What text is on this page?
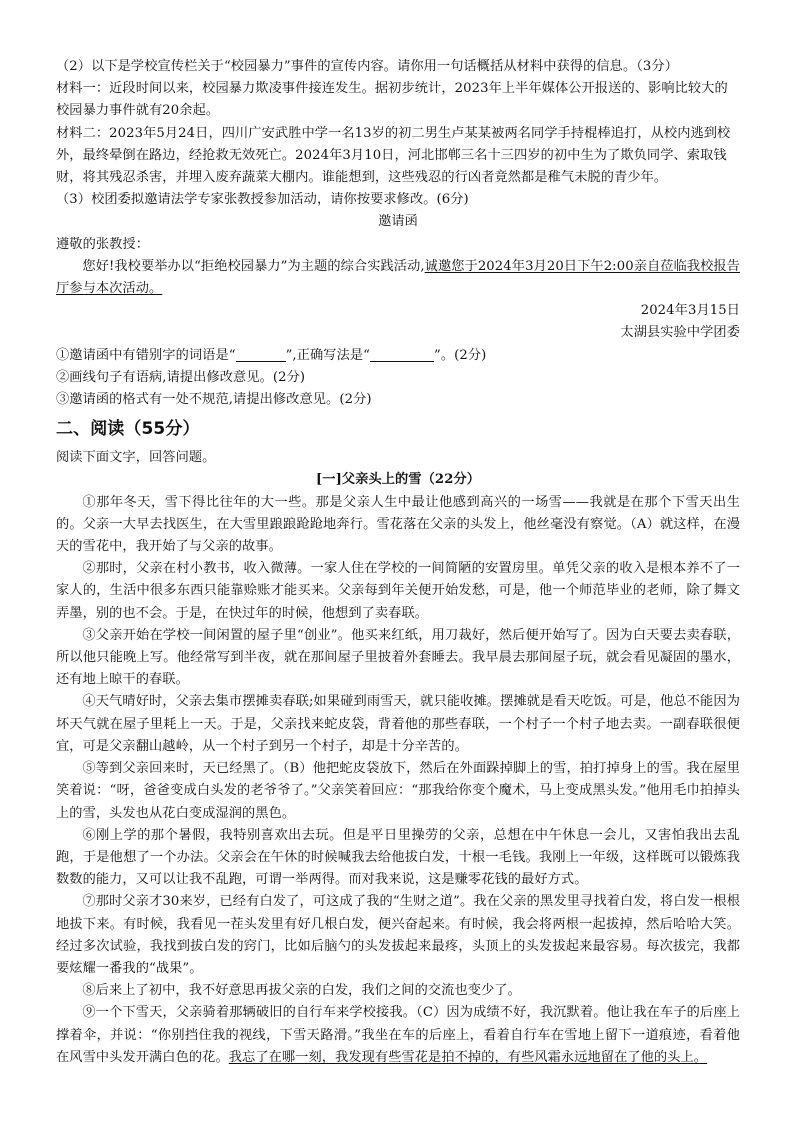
（2）以下是学校宣传栏关于“校园暴力”事件的宣传内容。请你用一句话概括从材料中获得的信息。（3分）

材料一：近段时间以来，校园暴力欺凌事件接连发生。据初步统计，2023年上半年媒体公开报送的、影响比较大的校园暴力事件就有20余起。

材料二：2023年5月24日，四川广安武胜中学一名13岁的初二男生卢某某被两名同学手持棍棒追打，从校内逃到校外，最终晕倒在路边，经抢救无效死亡。2024年3月10日，河北邯郸三名十三四岁的初中生为了欺负同学、索取钱财，将其残忍杀害，并埋入废弃蔬菜大棚内。谁能想到，这些残忍的行凶者竟然都是稚气未脱的青少年。

（3）校团委拟邀请法学专家张教授参加活动，请你按要求修改。(6分)

邀请函

遵敬的张教授：

您好!我校要举办以“拒绝校园暴力”为主题的综合实践活动,诚邀您于2024年3月20日下午2:00亲自莅临我校报告厅参与本次活动。

2024年3月15日

太湖县实验中学团委

①邀请函中有错别字的词语是“	”,正确写法是“	”。(2分)

②画线句子有语病,请提出修改意见。(2分)

③邀请函的格式有一处不规范,请提出修改意见。(2分)

二、阅读（55分）

阅读下面文字，回答问题。

[一]父亲头上的雪（22分）

①那年冬天，雪下得比往年的大一些。那是父亲人生中最让他感到高兴的一场雪——我就是在那个下雪天出生的。父亲一大早去找医生，在大雪里踉踉跄跄地奔行。雪花落在父亲的头发上，他丝毫没有察觉。（A）就这样，在漫天的雪花中，我开始了与父亲的故事。

②那时，父亲在村小教书，收入微薄。一家人住在学校的一间简陋的安置房里。单凭父亲的收入是根本养不了一家人的，生活中很多东西只能靠赊账才能买来。父亲每到年关便开始发愁，可是，他一个师范毕业的老师，除了舞文弄墨，别的也不会。于是，在快过年的时候，他想到了卖春联。

③父亲开始在学校一间闲置的屋子里“创业”。他买来红纸，用刀裁好，然后便开始写了。因为白天要去卖春联，所以他只能晚上写。他经常写到半夜，就在那间屋子里披着外套睡去。我早晨去那间屋子玩，就会看见凝固的墨水，还有地上晾干的春联。

④天气晴好时，父亲去集市摆摊卖春联;如果碰到雨雪天，就只能收摊。摆摊就是看天吃饭。可是，他总不能因为坏天气就在屋子里耗上一天。于是，父亲找来蛇皮袋，背着他的那些春联，一个村子一个村子地去卖。一副春联很便宜，可是父亲翻山越岭，从一个村子到另一个村子，却是十分辛苦的。

⑤等到父亲回来时，天已经黑了。（B）他把蛇皮袋放下，然后在外面跺掉脚上的雪，拍打掉身上的雪。我在屋里笑着说：“呀，爸爸变成白头发的老爷爷了。”父亲笑着回应：“那我给你变个魔术，马上变成黑头发。”他用毛巾拍掉头上的雪，头发也从花白变成湿润的黑色。

⑥刚上学的那个暑假，我特别喜欢出去玩。但是平日里操劳的父亲，总想在中午休息一会儿，又害怕我出去乱跑，于是他想了一个办法。父亲会在午休的时候喊我去给他拔白发，十根一毛钱。我刚上一年级，这样既可以锻炼我数数的能力，又可以让我不乱跑，可谓一举两得。而对我来说，这是赚零花钱的最好方式。

⑦那时父亲才30来岁，已经有白发了，可这成了我的“生财之道”。我在父亲的黑发里寻找着白发，将白发一根根地拔下来。有时候，我看见一茬头发里有好几根白发，便兴奋起来。有时候，我会将两根一起拔掉，然后哈哈大笑。经过多次试验，我找到拔白发的窍门，比如后脑勺的头发拔起来最疼，头顶上的头发拔起来最容易。每次拔完，我都要炫耀一番我的“战果”。

⑧后来上了初中，我不好意思再拔父亲的白发，我们之间的交流也变少了。

⑨一个下雪天，父亲骑着那辆破旧的自行车来学校接我。（C）因为成绩不好，我沉默着。他让我在车子的后座上撑着伞，并说：“你别挡住我的视线，下雪天路滑。”我坐在车的后座上，看着自行车在雪地上留下一道痕迹，看着他在风雪中头发开满白色的花。我忘了在哪一刻，我发现有些雪花是拍不掉的，有些风霜永远地留在了他的头上。
